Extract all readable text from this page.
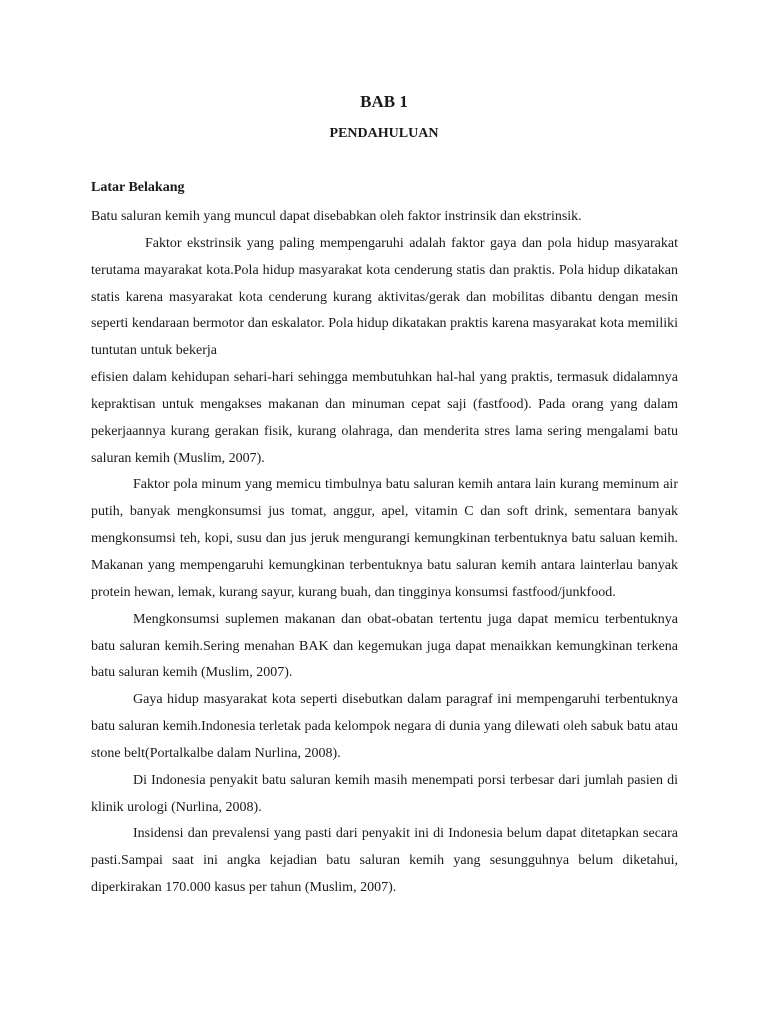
BAB 1
PENDAHULUAN
Latar Belakang

Batu saluran kemih yang muncul dapat disebabkan oleh faktor instrinsik dan ekstrinsik.

Faktor ekstrinsik yang paling mempengaruhi adalah faktor gaya dan pola hidup masyarakat terutama mayarakat kota.Pola hidup masyarakat kota cenderung statis dan praktis. Pola hidup dikatakan statis karena masyarakat kota cenderung kurang aktivitas/gerak dan mobilitas dibantu dengan mesin seperti kendaraan bermotor dan eskalator. Pola hidup dikatakan praktis karena masyarakat kota memiliki tuntutan untuk bekerja

efisien dalam kehidupan sehari-hari sehingga membutuhkan hal-hal yang praktis, termasuk didalamnya kepraktisan untuk mengakses makanan dan minuman cepat saji (fastfood). Pada orang yang dalam pekerjaannya kurang gerakan fisik, kurang olahraga, dan menderita stres lama sering mengalami batu saluran kemih (Muslim, 2007).

Faktor pola minum yang memicu timbulnya batu saluran kemih antara lain kurang meminum air putih, banyak mengkonsumsi jus tomat, anggur, apel, vitamin C dan soft drink, sementara banyak mengkonsumsi teh, kopi, susu dan jus jeruk mengurangi kemungkinan terbentuknya batu saluan kemih. Makanan yang mempengaruhi kemungkinan terbentuknya batu saluran kemih antara lainterlau banyak protein hewan, lemak, kurang sayur, kurang buah, dan tingginya konsumsi fastfood/junkfood.

Mengkonsumsi suplemen makanan dan obat-obatan tertentu juga dapat memicu terbentuknya batu saluran kemih.Sering menahan BAK dan kegemukan juga dapat menaikkan kemungkinan terkena batu saluran kemih (Muslim, 2007).

Gaya hidup masyarakat kota seperti disebutkan dalam paragraf ini mempengaruhi terbentuknya batu saluran kemih.Indonesia terletak pada kelompok negara di dunia yang dilewati oleh sabuk batu atau stone belt(Portalkalbe dalam Nurlina, 2008).

Di Indonesia penyakit batu saluran kemih masih menempati porsi terbesar dari jumlah pasien di klinik urologi (Nurlina, 2008).

Insidensi dan prevalensi yang pasti dari penyakit ini di Indonesia belum dapat ditetapkan secara pasti.Sampai saat ini angka kejadian batu saluran kemih yang sesungguhnya belum diketahui, diperkirakan 170.000 kasus per tahun (Muslim, 2007).
